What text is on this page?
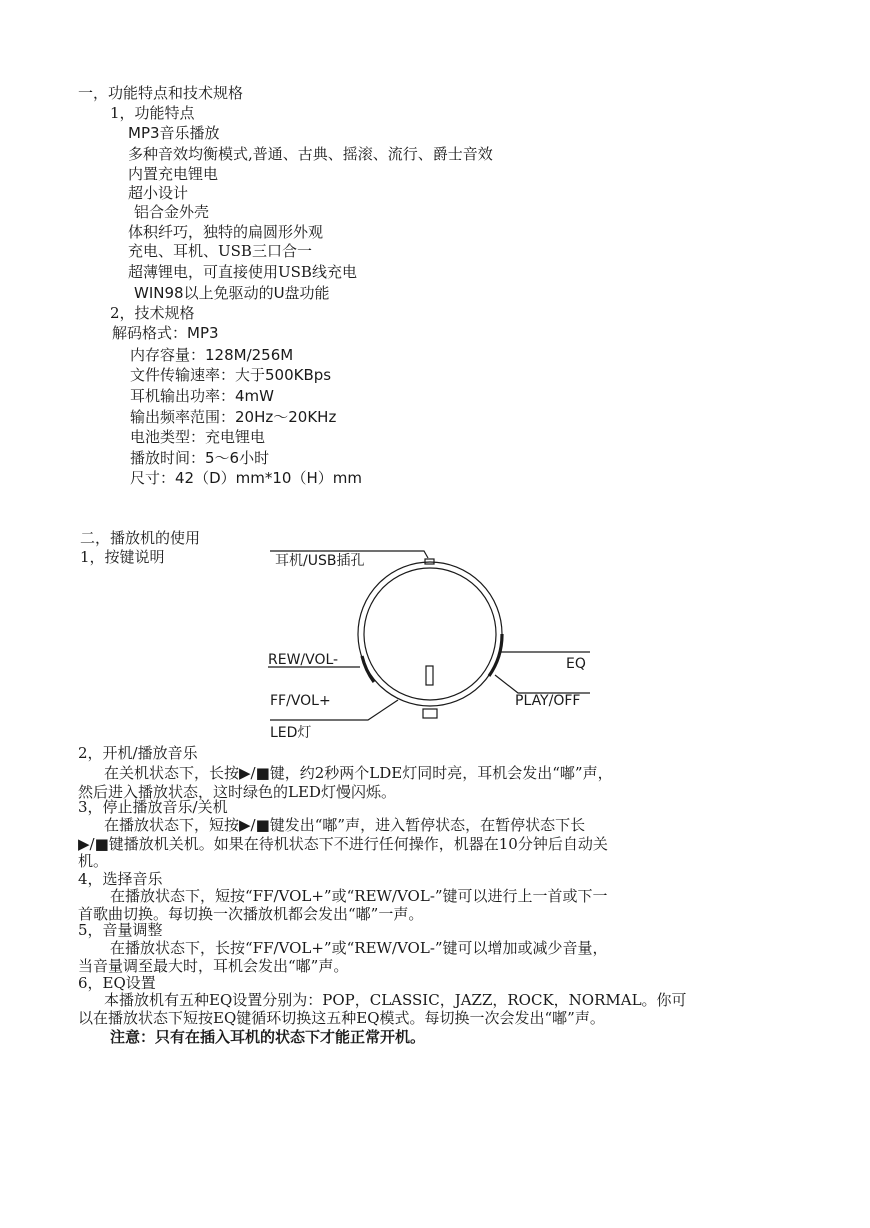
一，功能特点和技术规格
1，功能特点
MP3音乐播放
多种音效均衡模式,普通、古典、摇滚、流行、爵士音效
内置充电锂电
超小设计
铝合金外壳
体积纤巧，独特的扁圆形外观
充电、耳机、USB三口合一
超薄锂电，可直接使用USB线充电
WIN98以上免驱动的U盘功能
2，技术规格
解码格式：MP3
内存容量：128M/256M
文件传输速率：大于500KBps
耳机输出功率：4mW
输出频率范围：20Hz～20KHz
电池类型：充电锂电
播放时间：5～6小时
尺寸：42（D）mm*10（H）mm
二，播放机的使用
1，按键说明	耳机/USB插孔
REW/VOL-
FF/VOL+
LED灯
EQ
PLAY/OFF
2，开机/播放音乐
在关机状态下，长按▶/■键，约2秒两个LDE灯同时亮，耳机会发出“嘟”声，
然后进入播放状态，这时绿色的LED灯慢闪烁。
3，停止播放音乐/关机
在播放状态下，短按▶/■键发出“嘟”声，进入暂停状态，在暂停状态下长
▶/■键播放机关机。如果在待机状态下不进行任何操作，机器在10分钟后自动关
机。
4，选择音乐
在播放状态下，短按“FF/VOL+”或“REW/VOL-”键可以进行上一首或下一
首歌曲切换。每切换一次播放机都会发出“嘟”一声。
5，音量调整
在播放状态下，长按“FF/VOL+”或“REW/VOL-”键可以增加或减少音量，
当音量调至最大时，耳机会发出“嘟”声。
6，EQ设置
本播放机有五种EQ设置分别为：POP，CLASSIC，JAZZ，ROCK，NORMAL。你可
以在播放状态下短按EQ键循环切换这五种EQ模式。每切换一次会发出“嘟”声。
注意：只有在插入耳机的状态下才能正常开机。
